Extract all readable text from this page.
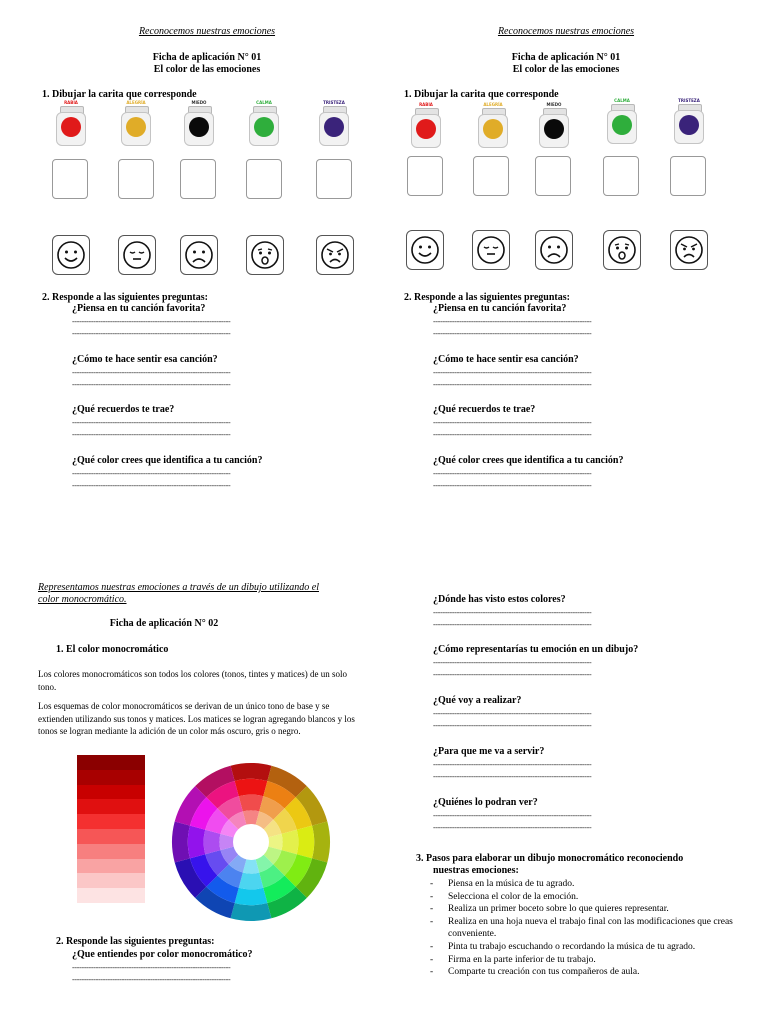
Reconocemos nuestras emociones
Ficha de aplicación N° 01
El color de las emociones
1. Dibujar la carita que corresponde
RABIA	ALEGRÍA	MIEDO	CALMA	TRISTEZA
2. Responde a las siguientes preguntas:
¿Piensa en tu canción favorita?
-------------------------------------------------------------------
-------------------------------------------------------------------
¿Cómo te hace sentir esa canción?
-------------------------------------------------------------------
-------------------------------------------------------------------
¿Qué recuerdos te trae?
-------------------------------------------------------------------
-------------------------------------------------------------------
¿Qué color crees que identifica a tu canción?
-------------------------------------------------------------------
-------------------------------------------------------------------
Reconocemos nuestras emociones
Ficha de aplicación N° 01
El color de las emociones
1. Dibujar la carita que corresponde
RABIA	ALEGRÍA	MIEDO
CALMA	TRISTEZA
2. Responde a las siguientes preguntas:
¿Piensa en tu canción favorita?
-------------------------------------------------------------------
-------------------------------------------------------------------
¿Cómo te hace sentir esa canción?
-------------------------------------------------------------------
-------------------------------------------------------------------
¿Qué recuerdos te trae?
-------------------------------------------------------------------
-------------------------------------------------------------------
¿Qué color crees que identifica a tu canción?
-------------------------------------------------------------------
-------------------------------------------------------------------
Representamos nuestras emociones a través de un dibujo utilizando el
color monocromático.
Ficha de aplicación N° 02
1. El color monocromático
Los colores monocromáticos son todos los colores (tonos, tintes y matices) de un solo tono.
Los esquemas de color monocromáticos se derivan de un único tono de base y se extienden utilizando sus tonos y matices. Los matices se logran agregando blancos y los tonos se logran mediante la adición de un color más oscuro, gris o negro.
2. Responde las siguientes preguntas:
¿Que entiendes por color monocromático?
-------------------------------------------------------------------
-------------------------------------------------------------------
¿Dónde has visto estos colores?
-------------------------------------------------------------------
-------------------------------------------------------------------
¿Cómo representarías tu emoción en un dibujo?
-------------------------------------------------------------------
-------------------------------------------------------------------
¿Qué voy a realizar?
-------------------------------------------------------------------
-------------------------------------------------------------------
¿Para que me va a servir?
-------------------------------------------------------------------
-------------------------------------------------------------------
¿Quiénes lo podran ver?
-------------------------------------------------------------------
-------------------------------------------------------------------
3. Pasos para elaborar un dibujo monocromático reconociendo
nuestras emociones:
- Piensa en la música de tu agrado.
- Selecciona el color de la emoción.
- Realiza un primer boceto sobre lo que quieres representar.
- Realiza en una hoja nueva el trabajo final con las modificaciones que creas conveniente.
- Pinta tu trabajo escuchando o recordando la música de tu agrado.
- Firma en la parte inferior de tu trabajo.
- Comparte tu creación con tus compañeros de aula.
